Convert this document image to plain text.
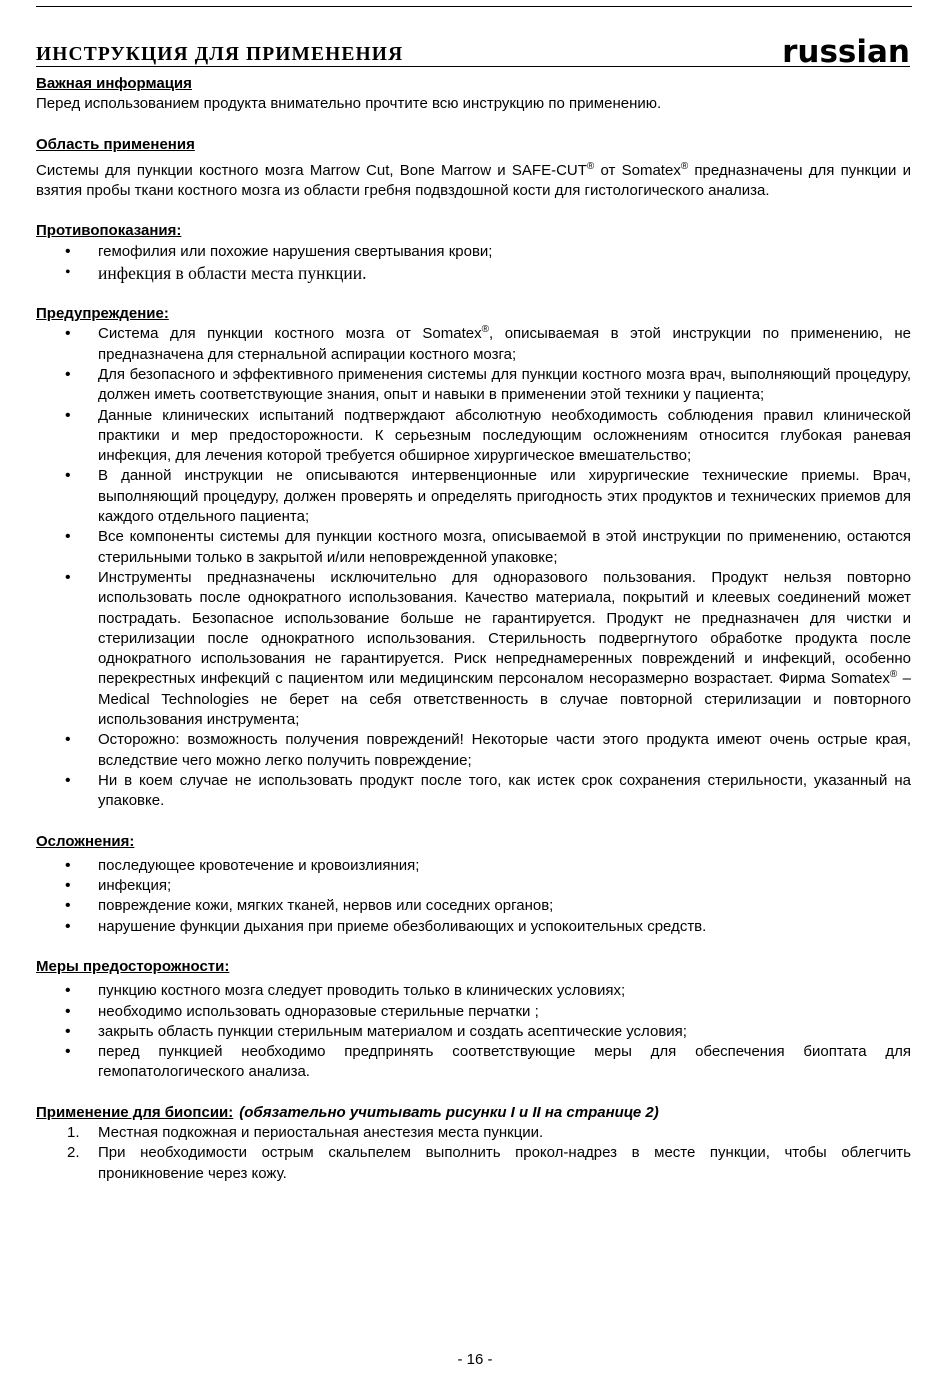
ИНСТРУКЦИЯ ДЛЯ ПРИМЕНЕНИЯ	russian
Важная информация

Перед использованием продукта внимательно прочтите всю инструкцию по применению.

Область применения

Системы для пункции костного мозга Marrow Cut, Bone Marrow и SAFE-CUT® от Somatex® предназначены для пункции и взятия пробы ткани костного мозга из области гребня подвздошной кости для гистологического анализа.

Противопоказания:
• гемофилия или похожие нарушения свертывания крови;
• инфекция в области места пункции.
Предупреждение:
• Система для пункции костного мозга от Somatex®, описываемая в этой инструкции по применению, не предназначена для стернальной аспирации костного мозга;
• Для безопасного и эффективного применения системы для пункции костного мозга врач, выполняющий процедуру, должен иметь соответствующие знания, опыт и навыки в применении этой техники у пациента;
• Данные клинических испытаний подтверждают абсолютную необходимость соблюдения правил клинической практики и мер предосторожности. К серьезным последующим осложнениям относится глубокая раневая инфекция, для лечения которой требуется обширное хирургическое вмешательство;
• В данной инструкции не описываются интервенционные или хирургические технические приемы. Врач, выполняющий процедуру, должен проверять и определять пригодность этих продуктов и технических приемов для каждого отдельного пациента;
• Все компоненты системы для пункции костного мозга, описываемой в этой инструкции по применению, остаются стерильными только в закрытой и/или неповрежденной упаковке;
• Инструменты предназначены исключительно для одноразового пользования. Продукт нельзя повторно использовать после однократного использования. Качество материала, покрытий и клеевых соединений может пострадать. Безопасное использование больше не гарантируется. Продукт не предназначен для чистки и стерилизации после однократного использования. Стерильность подвергнутого обработке продукта после однократного использования не гарантируется. Риск непреднамеренных повреждений и инфекций, особенно перекрестных инфекций с пациентом или медицинским персоналом несоразмерно возрастает. Фирма Somatex® – Medical Technologies не берет на себя ответственность в случае повторной стерилизации и повторного использования инструмента;
• Осторожно: возможность получения повреждений! Некоторые части этого продукта имеют очень острые края, вследствие чего можно легко получить повреждение;
• Ни в коем случае не использовать продукт после того, как истек срок сохранения стерильности, указанный на упаковке.
Осложнения:
• последующее кровотечение и кровоизлияния;
• инфекция;
• повреждение кожи, мягких тканей, нервов или соседних органов;
• нарушение функции дыхания при приеме обезболивающих и успокоительных средств.
Меры предосторожности:
• пункцию костного мозга следует проводить только в клинических условиях;
• необходимо использовать одноразовые стерильные перчатки ;
• закрыть область пункции стерильным материалом и создать асептические условия;
• перед пункцией необходимо предпринять соответствующие меры для обеспечения биоптата для гемопатологического анализа.
Применение для биопсии: (обязательно учитывать рисунки I и II на странице 2)
1. Местная подкожная и периостальная анестезия места пункции.
2. При необходимости острым скальпелем выполнить прокол-надрез в месте пункции, чтобы облегчить проникновение через кожу.
- 16 -
